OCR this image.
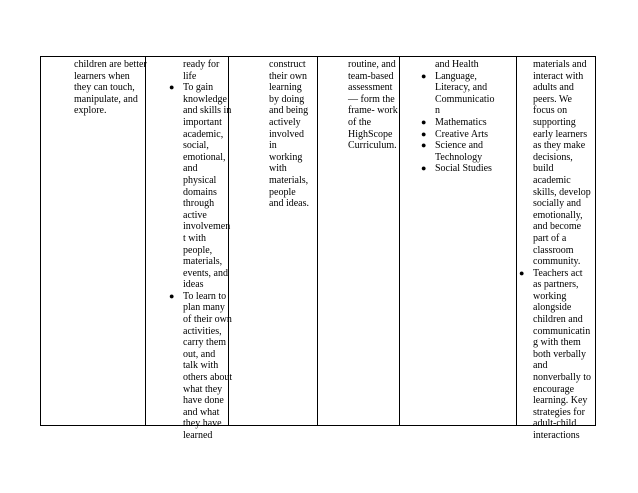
children are better
learners when
they can touch,
manipulate, and
explore.
ready for
life
● To gain
knowledge
and skills in
important
academic,
social,
emotional,
and
physical
domains
through
active
involvemen
t with
people,
materials,
events, and
ideas
● To learn to
plan many
of their own
activities,
carry them
out, and
talk with
others about
what they
have done
and what
they have
learned
construct
their own
learning
by doing
and being
actively
involved
in
working
with
materials,
people
and ideas.
routine, and
team-based
assessment
— form the
frame- work
of the
HighScope
Curriculum.
and Health
● Language,
Literacy, and
Communicatio
n
● Mathematics
● Creative Arts
● Science and
Technology
● Social Studies
materials and
interact with
adults and
peers. We
focus on
supporting
early learners
as they make
decisions,
build
academic
skills, develop
socially and
emotionally,
and become
part of a
classroom
community.
● Teachers act
as partners,
working
alongside
children and
communicatin
g with them
both verbally
and
nonverbally to
encourage
learning. Key
strategies for
adult-child
interactions
